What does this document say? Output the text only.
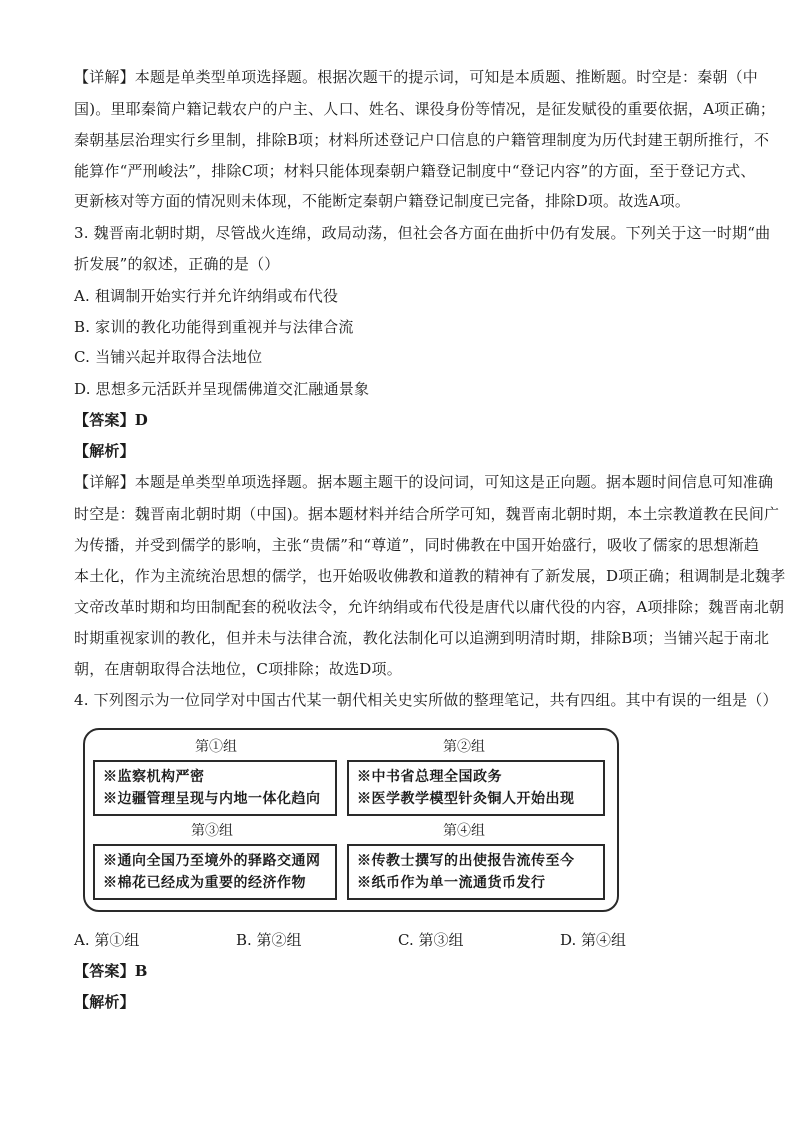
【详解】本题是单类型单项选择题。根据次题干的提示词，可知是本质题、推断题。时空是：秦朝（中
国)。里耶秦简户籍记载农户的户主、人口、姓名、课役身份等情况，是征发赋役的重要依据，A项正确；
秦朝基层治理实行乡里制，排除B项；材料所述登记户口信息的户籍管理制度为历代封建王朝所推行，不
能算作“严刑峻法”，排除C项；材料只能体现秦朝户籍登记制度中“登记内容”的方面，至于登记方式、
更新核对等方面的情况则未体现，不能断定秦朝户籍登记制度已完备，排除D项。故选A项。
3. 魏晋南北朝时期，尽管战火连绵，政局动荡，但社会各方面在曲折中仍有发展。下列关于这一时期“曲
折发展”的叙述，正确的是（）
A. 租调制开始实行并允许纳绢或布代役
B. 家训的教化功能得到重视并与法律合流
C. 当铺兴起并取得合法地位
D. 思想多元活跃并呈现儒佛道交汇融通景象
【答案】D
【解析】
【详解】本题是单类型单项选择题。据本题主题干的设问词，可知这是正向题。据本题时间信息可知准确
时空是：魏晋南北朝时期（中国)。据本题材料并结合所学可知，魏晋南北朝时期，本土宗教道教在民间广
为传播，并受到儒学的影响，主张“贵儒”和“尊道”，同时佛教在中国开始盛行，吸收了儒家的思想渐趋
本土化，作为主流统治思想的儒学，也开始吸收佛教和道教的精神有了新发展，D项正确；租调制是北魏孝
文帝改革时期和均田制配套的税收法令，允许纳绢或布代役是唐代以庸代役的内容，A项排除；魏晋南北朝
时期重视家训的教化，但并未与法律合流，教化法制化可以追溯到明清时期，排除B项；当铺兴起于南北
朝，在唐朝取得合法地位，C项排除；故选D项。
4. 下列图示为一位同学对中国古代某一朝代相关史实所做的整理笔记，共有四组。其中有误的一组是（）
第①组
※监察机构严密
※边疆管理呈现与内地一体化趋向
第②组
※中书省总理全国政务
※医学教学模型针灸铜人开始出现
第③组
※通向全国乃至境外的驿路交通网
※棉花已经成为重要的经济作物
第④组
※传教士撰写的出使报告流传至今
※纸币作为单一流通货币发行
A. 第①组	B. 第②组	C. 第③组	D. 第④组
【答案】B
【解析】
